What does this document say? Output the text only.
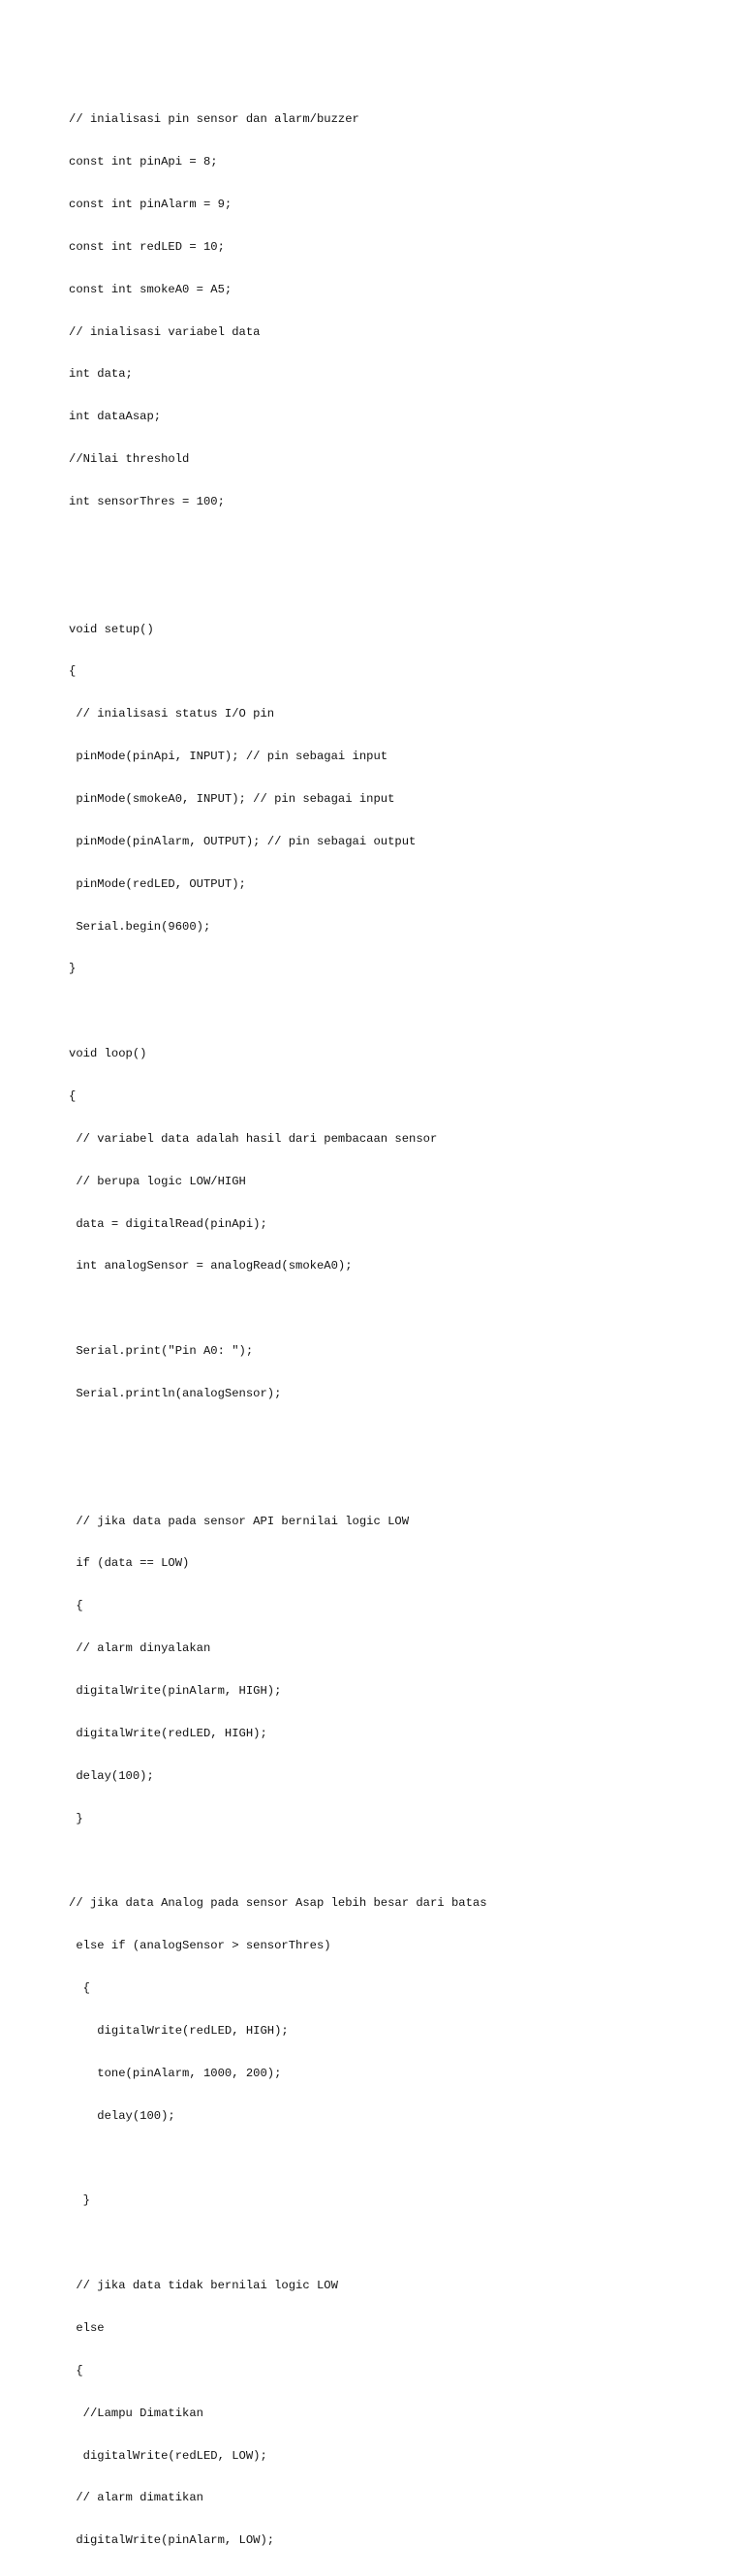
// inialisasi pin sensor dan alarm/buzzer

const int pinApi = 8;

const int pinAlarm = 9;

const int redLED = 10;

const int smokeA0 = A5;

// inialisasi variabel data

int data;

int dataAsap;

//Nilai threshold

int sensorThres = 100;

void setup()

{

// inialisasi status I/O pin

pinMode(pinApi, INPUT); // pin sebagai input

pinMode(smokeA0, INPUT); // pin sebagai input

pinMode(pinAlarm, OUTPUT); // pin sebagai output

pinMode(redLED, OUTPUT);

Serial.begin(9600);

}

void loop()

{

// variabel data adalah hasil dari pembacaan sensor

// berupa logic LOW/HIGH

data = digitalRead(pinApi);

int analogSensor = analogRead(smokeA0);

Serial.print("Pin A0: ");

Serial.println(analogSensor);

// jika data pada sensor API bernilai logic LOW

if (data == LOW)

{

// alarm dinyalakan

digitalWrite(pinAlarm, HIGH);

digitalWrite(redLED, HIGH);

delay(100);

}

// jika data Analog pada sensor Asap lebih besar dari batas

else if (analogSensor > sensorThres)

{

digitalWrite(redLED, HIGH);

tone(pinAlarm, 1000, 200);

delay(100);

}

// jika data tidak bernilai logic LOW

else

{

//Lampu Dimatikan

digitalWrite(redLED, LOW);

// alarm dimatikan

digitalWrite(pinAlarm, LOW);
